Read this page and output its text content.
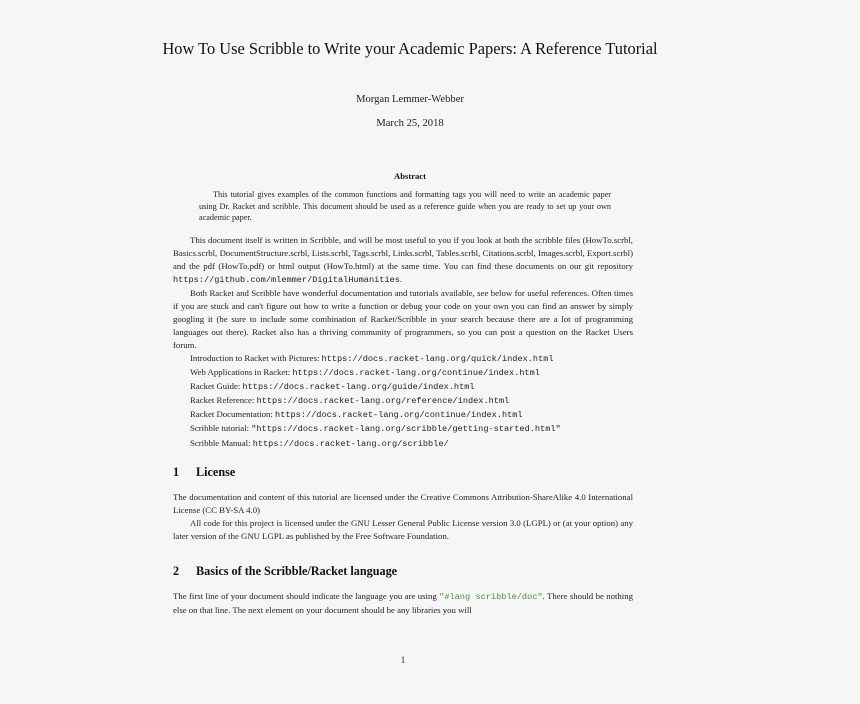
How To Use Scribble to Write your Academic Papers: A Reference Tutorial
Morgan Lemmer-Webber
March 25, 2018
Abstract
This tutorial gives examples of the common functions and formatting tags you will need to write an academic paper using Dr. Racket and scribble. This document should be used as a reference guide when you are ready to set up your own academic paper.
This document itself is written in Scribble, and will be most useful to you if you look at both the scribble files (HowTo.scrbl, Basics.scrbl, DocumentStructure.scrbl, Lists.scrbl, Tags.scrbl, Links.scrbl, Tables.scrbl, Citations.scrbl, Images.scrbl, Export.scrbl) and the pdf (HowTo.pdf) or html output (HowTo.html) at the same time. You can find these documents on our git repository https://github.com/mlemmer/DigitalHumanities.
Both Racket and Scribble have wonderful documentation and tutorials available, see below for useful references. Often times if you are stuck and can't figure out how to write a function or debug your code on your own you can find an answer by simply googling it (be sure to include some combination of Racket/Scribble in your search because there are a lot of programming languages out there). Racket also has a thriving community of programmers, so you can post a question on the Racket Users forum.
Introduction to Racket with Pictures: https://docs.racket-lang.org/quick/index.html
Web Applications in Racket: https://docs.racket-lang.org/continue/index.html
Racket Guide: https://docs.racket-lang.org/guide/index.html
Racket Reference: https://docs.racket-lang.org/reference/index.html
Racket Documentation: https://docs.racket-lang.org/continue/index.html
Scribble tutorial: "https://docs.racket-lang.org/scribble/getting-started.html"
Scribble Manual: https://docs.racket-lang.org/scribble/
1 License
The documentation and content of this tutorial are licensed under the Creative Commons Attribution-ShareAlike 4.0 International License (CC BY-SA 4.0)
All code for this project is licensed under the GNU Lesser General Public License version 3.0 (LGPL) or (at your option) any later version of the GNU LGPL as published by the Free Software Foundation.
2 Basics of the Scribble/Racket language
The first line of your document should indicate the language you are using "#lang scribble/doc". There should be nothing else on that line. The next element on your document should be any libraries you will
1
